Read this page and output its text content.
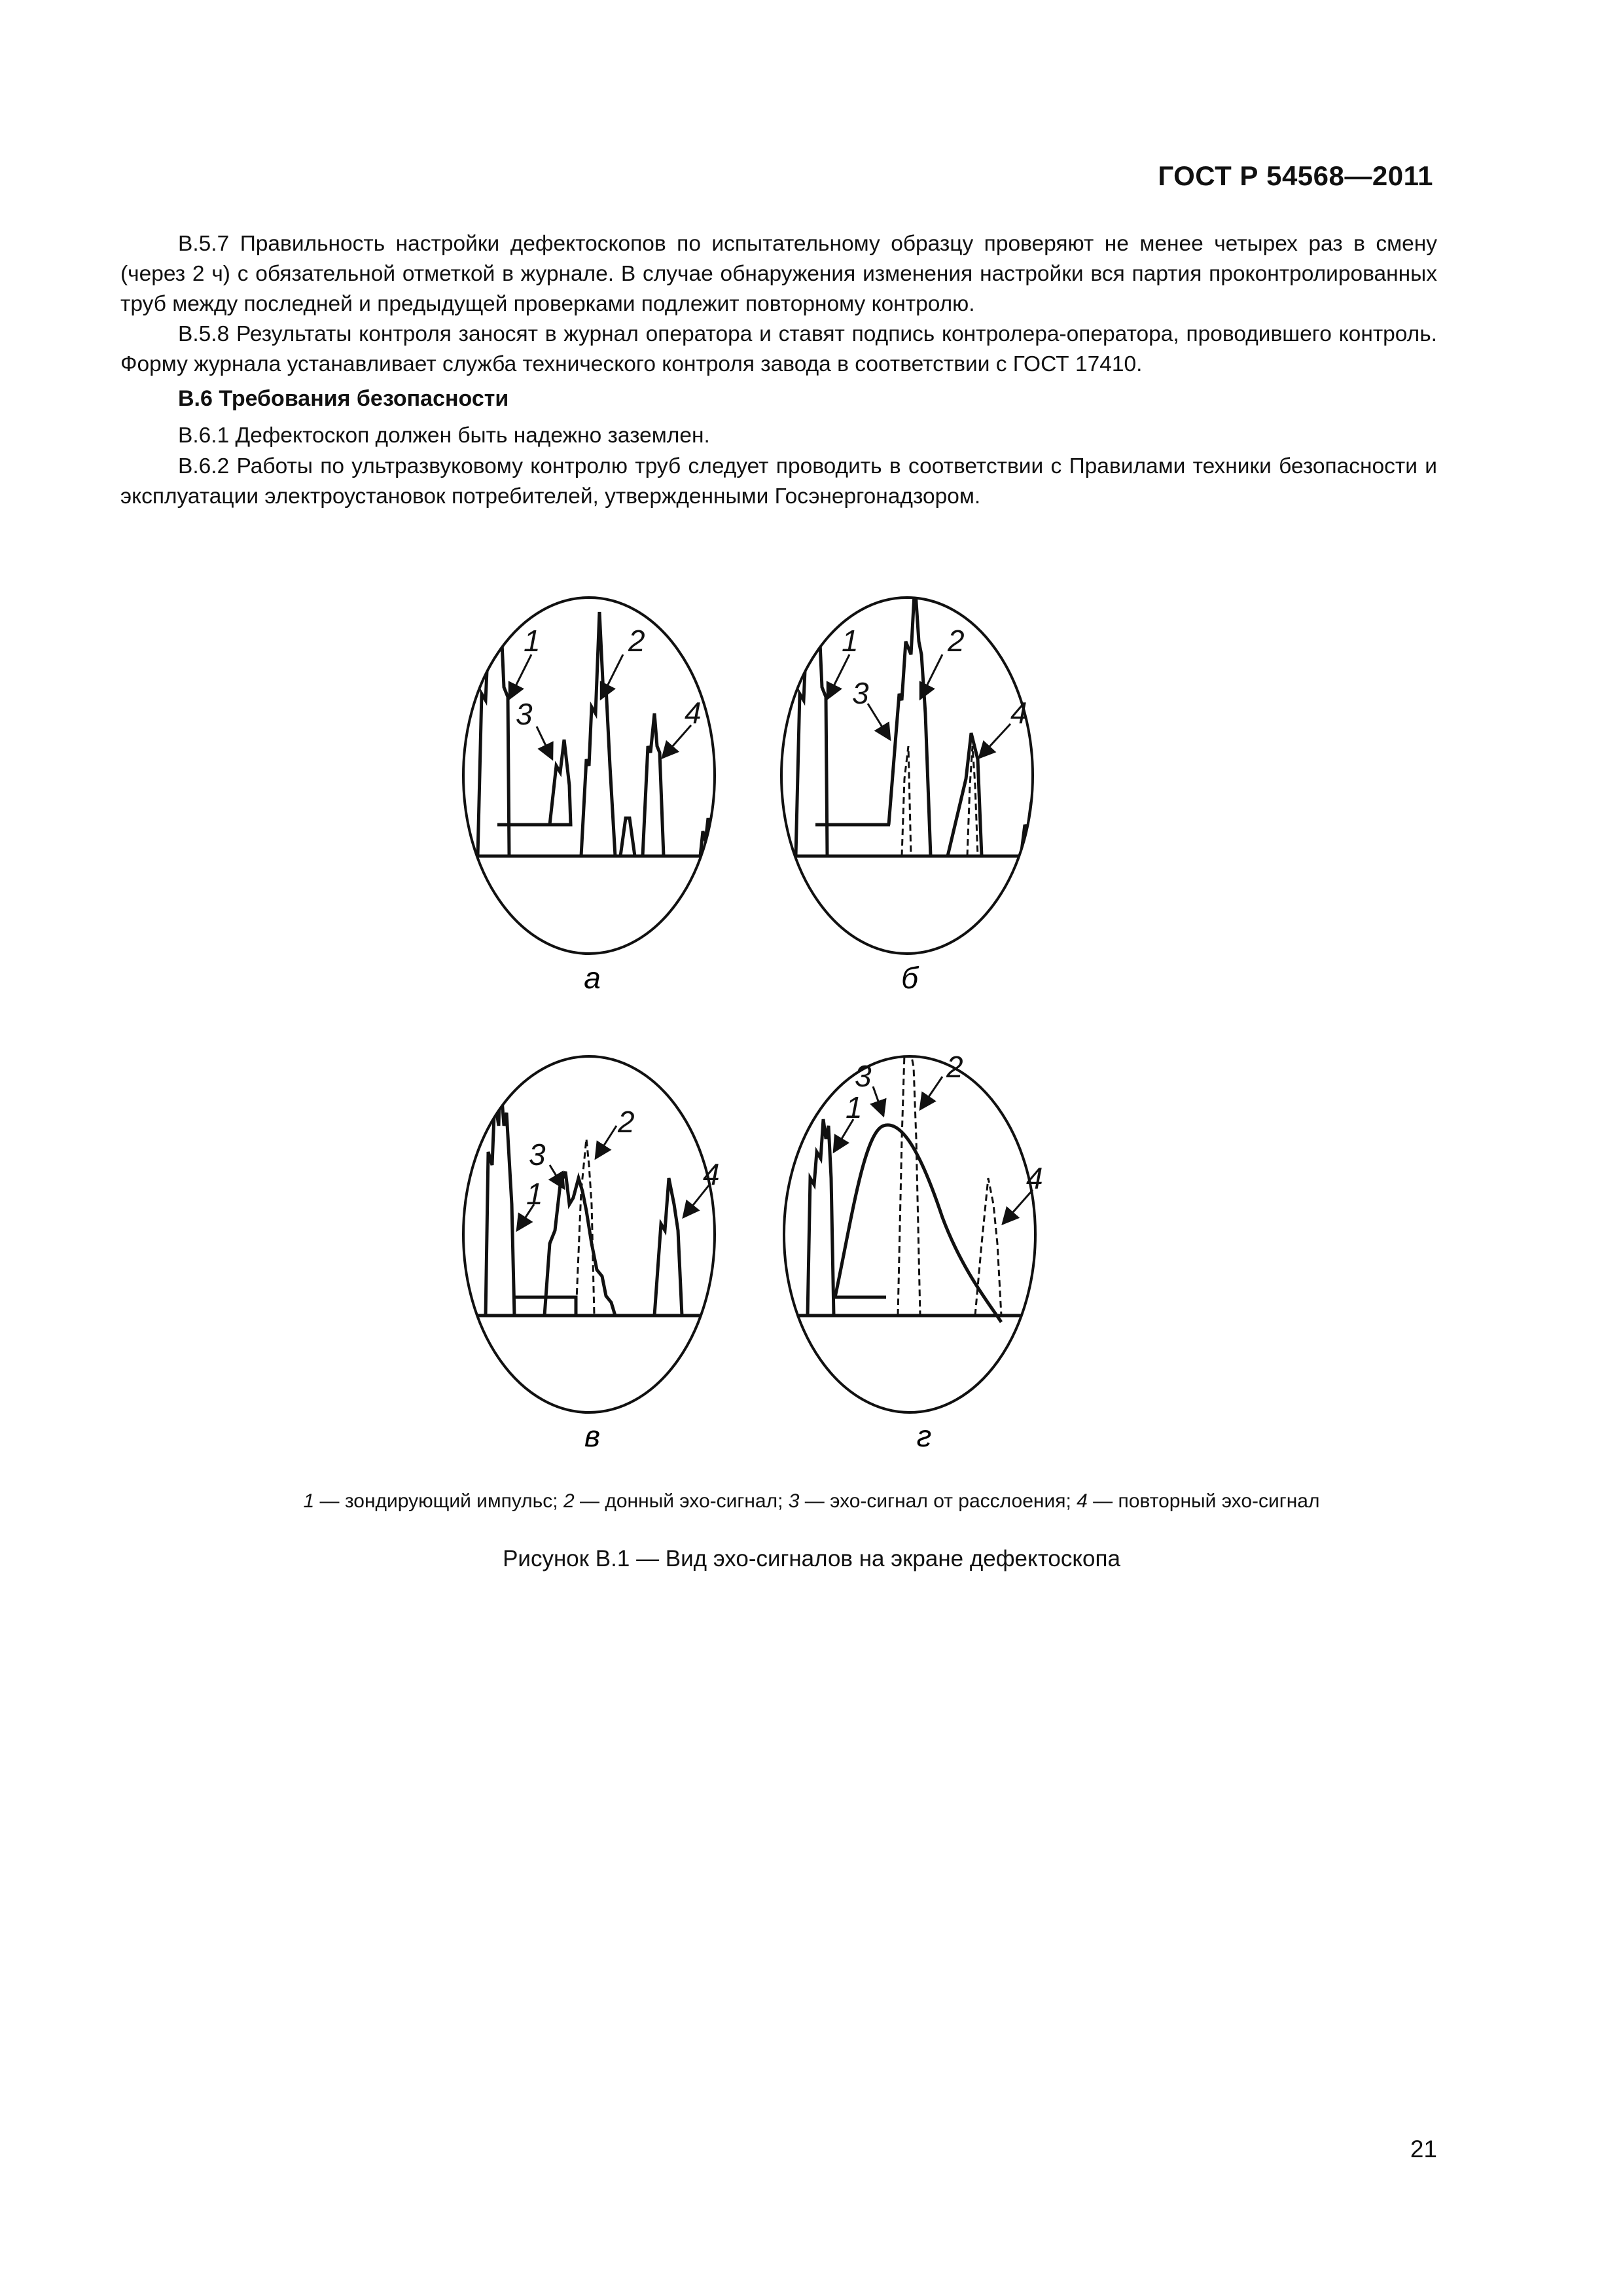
ГОСТ Р 54568—2011

В.5.7 Правильность настройки дефектоскопов по испытательному образцу проверяют не менее четырех раз в смену (через 2 ч) с обязательной отметкой в журнале. В случае обнаружения изменения настройки вся партия проконтролированных труб между последней и предыдущей проверками подлежит повторному контролю.

В.5.8 Результаты контроля заносят в журнал оператора и ставят подпись контролера-оператора, проводившего контроль. Форму журнала устанавливает служба технического контроля завода в соответствии с ГОСТ 17410.

В.6 Требования безопасности

В.6.1 Дефектоскоп должен быть надежно заземлен.

В.6.2 Работы по ультразвуковому контролю труб следует проводить в соответствии с Правилами техники безопасности и эксплуатации электроустановок потребителей, утвержденными Госэнергонадзором.

1	2
3	4
а
1	2
3
4
б
1
2
3
4
в
1
2
3
4
г
1 — зондирующий импульс; 2 — донный эхо-сигнал; 3 — эхо-сигнал от расслоения; 4 — повторный эхо-сигнал
Рисунок В.1 — Вид эхо-сигналов на экране дефектоскопа
21
